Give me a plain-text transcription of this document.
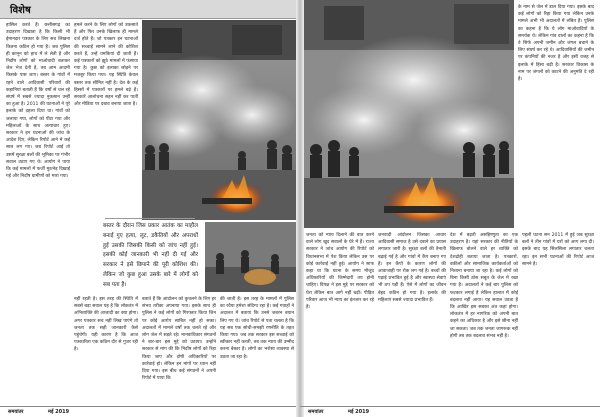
विशेष

हासिल करते हैं। छत्तीसगढ़ का उदाहरण दिखाता है कि किसी भी ईमानदार पत्रकार के लिए सच लिखना कितना कठिन हो गया है। जब पुलिस ही कानून को हाथ में ले लेती है और निर्दोष लोगों को माओवादी बताकर जेल भेज देती है, तब आम आदमी किसके पास जाए। बस्तर के गांवों में रहने वाले आदिवासी परिवारों की कहानियां बताती हैं कि वर्षों से चल रहे संघर्ष में सबसे ज्यादा नुकसान उन्हीं का हुआ है। 2011 की घटनाओं ने पूरे इलाके को दहला दिया था। गांवों को जलाया गया, लोगों को पीटा गया और महिलाओं के साथ अत्याचार हुए। सरकार ने इन घटनाओं की जांच के आदेश दिए, लेकिन रिपोर्ट आने में कई साल लग गए। जब रिपोर्ट आई तो उसमें सुरक्षा बलों की भूमिका पर गंभीर सवाल उठाए गए थे। आयोग ने पाया कि कई मामलों में फर्जी मुठभेड़ दिखाई गई और निर्दोष ग्रामीणों को मारा गया।

हमले करने के लिए लोगों को उकसाते हैं और फिर उनके खिलाफ ही मामले दर्ज होते हैं। जो पत्रकार इन घटनाओं की सच्चाई सामने लाने की कोशिश करते हैं, उन्हें धमकियां दी जाती हैं। कई पत्रकारों को झूठे मामलों में फंसाया गया है। कुछ को इलाका छोड़ने पर मजबूर किया गया। यह स्थिति केवल बस्तर तक सीमित नहीं है। देश के कई हिस्सों में पत्रकारों पर हमले बढ़े हैं। सरकारें आलोचना सहन नहीं कर पातीं और मीडिया पर दबाव बनाया जाता है।

बस्तर के दौरान जिस प्रकार आतंक का माहौल बनाई गुए हत्या, लूट, डकैतियों और अपराधों हुई उसकी जिसकी किसी को जांच नहीं हुई। इसकी कोई जानकारी भी नहीं दी गई और सरकार ने इसे छिपाने की पूरी कोशिश की। लेकिन जो कुछ हुआ उसके बारे में लोगों को सब पता है।

नहीं रहती है। इस तरह की स्थिति में सबसे बड़ा सवाल यह है कि लोकतंत्र में अभिव्यक्ति की आजादी का क्या होगा। अगर पत्रकार सच नहीं लिख पाएंगे तो जनता तक सही जानकारी कैसे पहुंचेगी। यही कारण है कि आज पत्रकारिता एक कठिन दौर से गुजर रही है।

बताते हैं कि आंदोलन को कुचलने के लिए हर संभव तरीका अपनाया गया। इसके साथ ही पुलिस ने कई लोगों को गिरफ्तार किया जिन पर कोई आरोप साबित नहीं हो सका। अदालतों में मामले वर्षों तक चलते रहे और लोग जेल में सड़ते रहे। मानवाधिकार संगठनों ने बार-बार इस मुद्दे को उठाया। उन्होंने सरकार से मांग की कि निर्दोष लोगों को रिहा किया जाए और दोषी अधिकारियों पर कार्रवाई हो। लेकिन इन मांगों पर ध्यान नहीं दिया गया। इस बीच कई संगठनों ने अपनी रिपोर्ट में पाया कि

की जाती है। इस तरह के मामलों में पुलिस का रवैया हमेशा संदिग्ध रहा है। कई गवाहों ने अदालत में बताया कि उनसे जबरन बयान लिए गए थे। जांच रिपोर्ट से पता चलता है कि यह सब एक सोची-समझी रणनीति के तहत किया गया। जब तक सरकार इस सच्चाई को स्वीकार नहीं करती, तब तक न्याय की उम्मीद करना बेकार है। लोगों का भरोसा व्यवस्था से उठता जा रहा है।

समयांतर	मई 2019

के नाम से जेल में डाल दिया गया। इसके बाद कई लोगों को रिहा किया गया लेकिन उनके मामले अभी भी अदालतों में लंबित हैं। पुलिस का कहना है कि ये लोग माओवादियों के समर्थक थे। लेकिन गांव वालों का कहना है कि वे सिर्फ अपनी जमीन और जंगल बचाने के लिए संघर्ष कर रहे थे। आदिवासियों की जमीन पर कंपनियों की नजर है और इसी वजह से इलाके में हिंसा बढ़ी है। सरकार विकास के नाम पर जंगलों को काटने की अनुमति दे रही है।

जनता को न्याय दिलाने की बात करने वाले लोग खुद सवालों के घेरे में हैं। राज्य सरकार ने जांच आयोग की रिपोर्ट को विधानसभा में पेश किया लेकिन उस पर कोई कार्रवाई नहीं हुई। आयोग ने साफ कहा था कि घटना के समय मौजूद अधिकारियों की जिम्मेदारी तय होनी चाहिए। विपक्ष ने इस मुद्दे पर सरकार को घेरा लेकिन बात आगे नहीं बढ़ी। पीड़ित परिवार आज भी न्याय का इंतजार कर रहे हैं।

जनवादी आंदोलन जिसका आधार आदिवासी समाज है उसे दबाने का प्रयास लगातार जारी है। सुरक्षा बलों की तैनाती बढ़ाई गई है और गांवों में कैंप बनाए गए हैं। इन कैंपों के कारण लोगों की आवाजाही पर रोक लग गई है। बच्चों की पढ़ाई प्रभावित हुई है और स्वास्थ्य सेवाएं भी ठप पड़ी हैं। ऐसे में लोगों का जीवन बेहद कठिन हो गया है। इलाके की महिलाएं सबसे ज्यादा प्रभावित हैं।

देश में बढ़ती असहिष्णुता का एक उदाहरण है। यहां सरकार की नीतियों के खिलाफ बोलने वाले हर व्यक्ति को देशद्रोही बताया जाता है। पत्रकारों, वकीलों और सामाजिक कार्यकर्ताओं को निशाना बनाया जा रहा है। कई लोगों को बिना किसी ठोस सबूत के जेल में रखा गया है। अदालतों ने कई बार पुलिस को फटकार लगाई है लेकिन हालात में कोई बदलाव नहीं आया। यह सवाल उठता है कि आखिर इस सबका अंत कहां होगा। लोकतंत्र में हर नागरिक को अपनी बात कहने का अधिकार है और इसे छीना नहीं जा सकता। जब तक जनता जागरूक नहीं होगी तब तक बदलाव संभव नहीं है।

पहली घटना सन 2011 में हुई जब सुरक्षा बलों ने तीन गांवों में घरों को आग लगा दी। इसके बाद यह सिलसिला लगातार चलता रहा। इन सभी घटनाओं की रिपोर्ट आज सामने है।

समयांतर	मई 2019
